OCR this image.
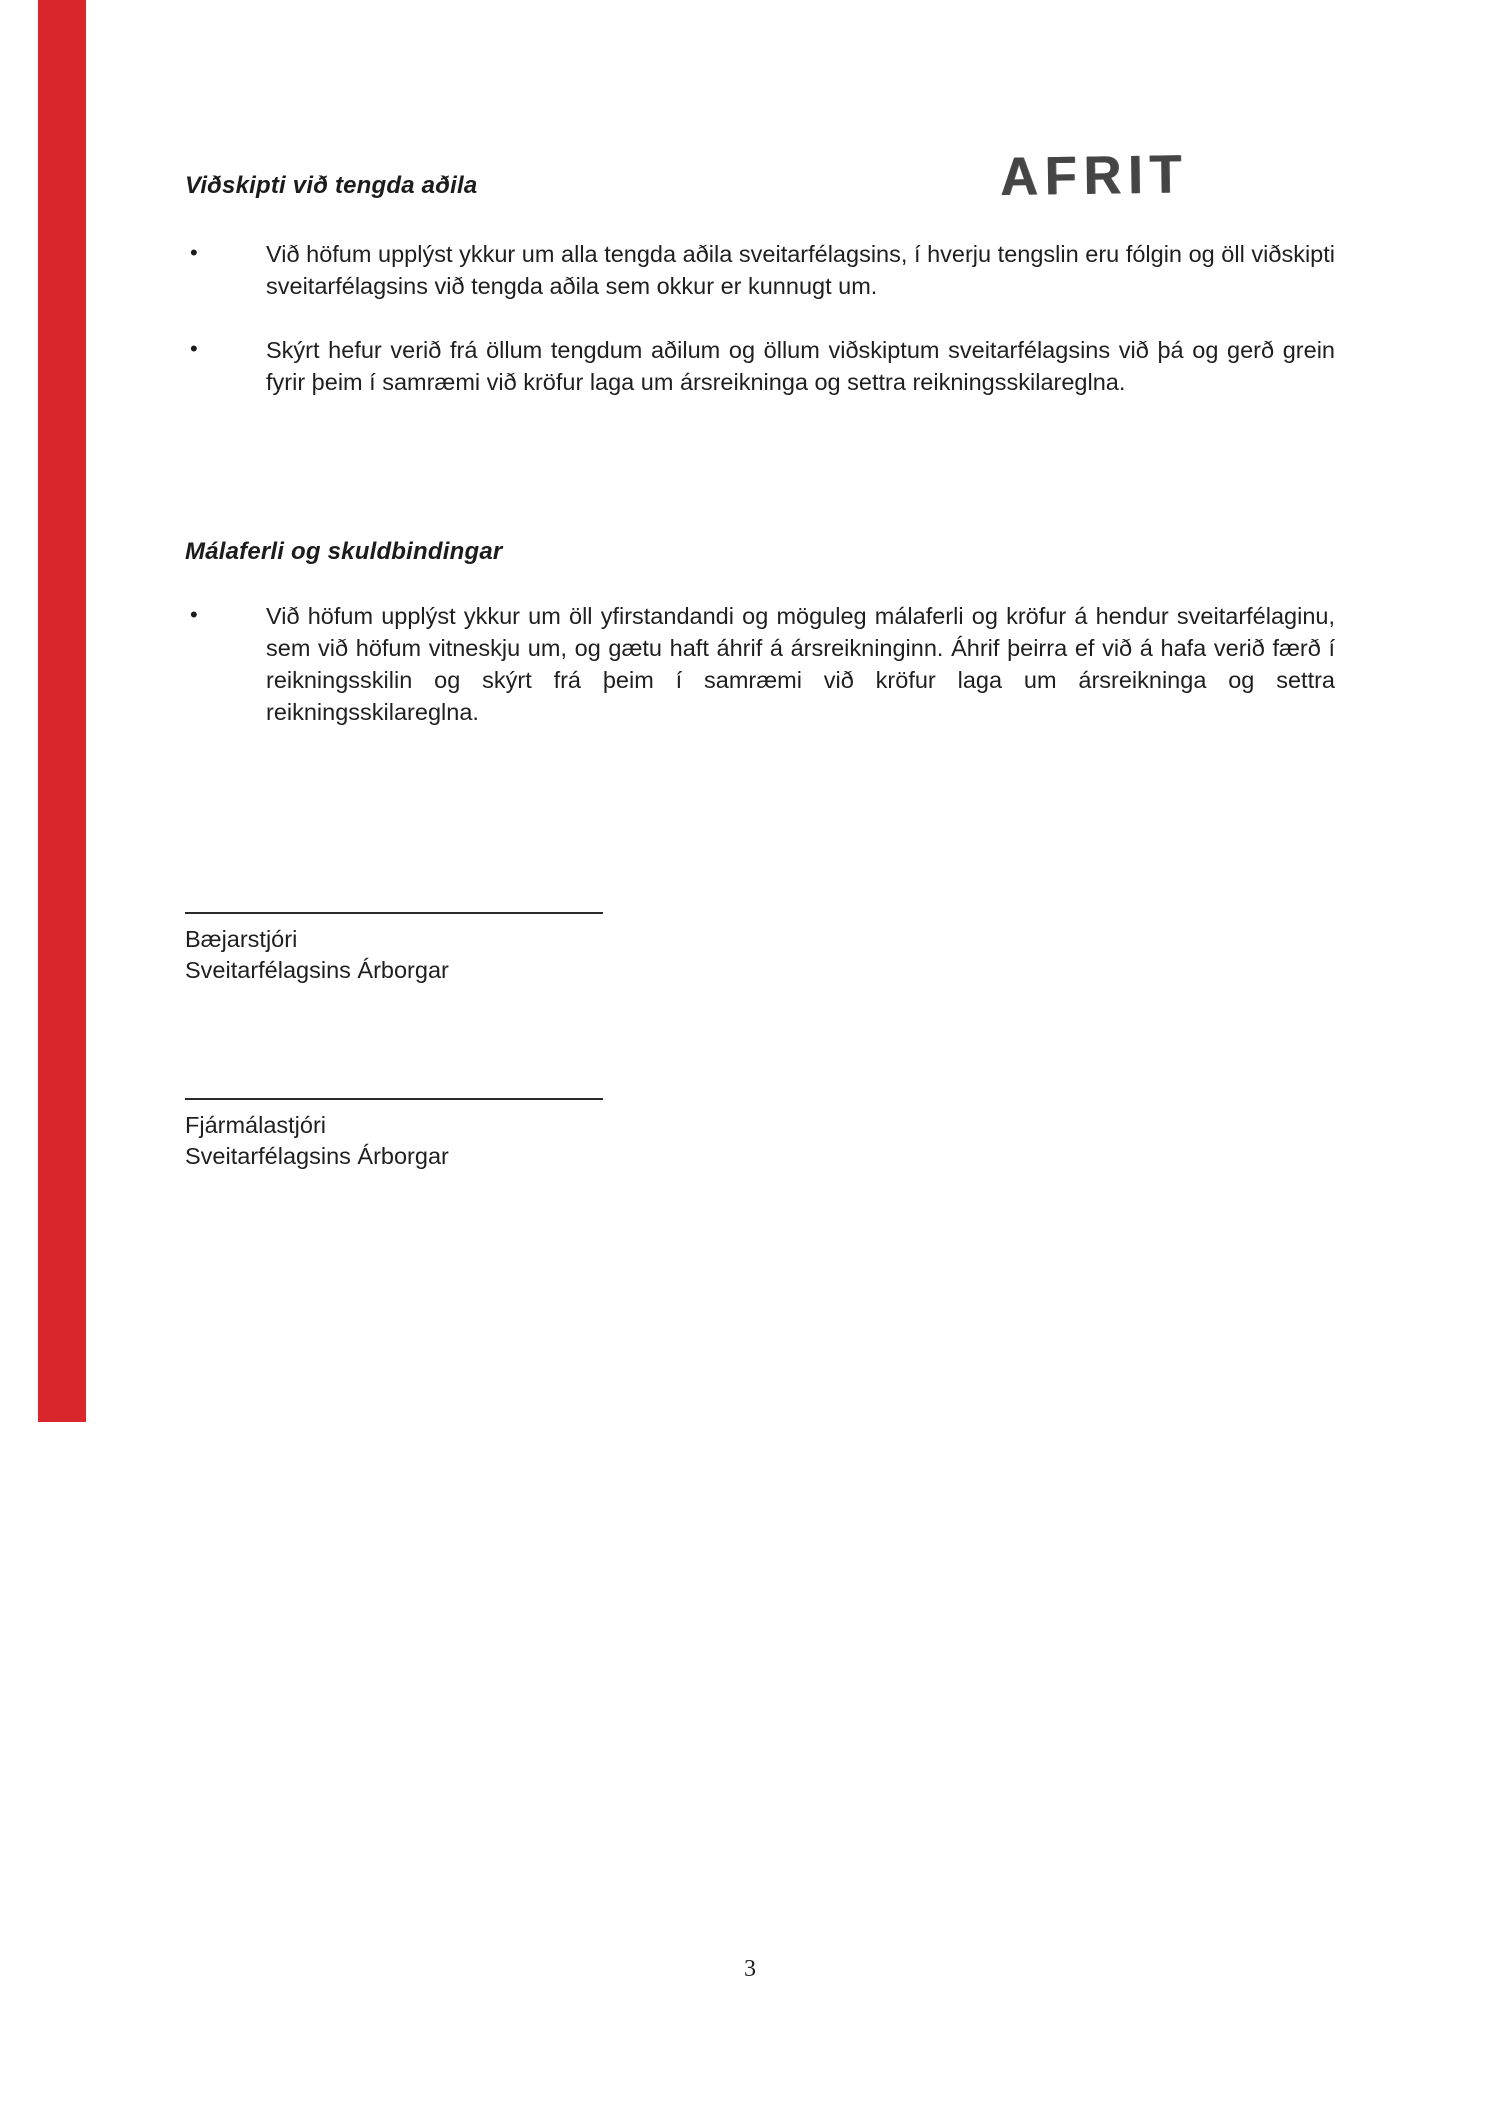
AFRIT
Viðskipti við tengda aðila
•	Við höfum upplýst ykkur um alla tengda aðila sveitarfélagsins, í hverju tengslin eru fólgin og öll viðskipti sveitarfélagsins við tengda aðila sem okkur er kunnugt um.

•	Skýrt hefur verið frá öllum tengdum aðilum og öllum viðskiptum sveitarfélagsins við þá og gerð grein fyrir þeim í samræmi við kröfur laga um ársreikninga og settra reikningsskilareglna.

Málaferli og skuldbindingar
•	Við höfum upplýst ykkur um öll yfirstandandi og möguleg málaferli og kröfur á hendur sveitarfélaginu, sem við höfum vitneskju um, og gætu haft áhrif á ársreikninginn. Áhrif þeirra ef við á hafa verið færð í reikningsskilin og skýrt frá þeim í samræmi við kröfur laga um ársreikninga og settra reikningsskilareglna.

Bæjarstjóri
Sveitarfélagsins Árborgar
Fjármálastjóri
Sveitarfélagsins Árborgar
3
